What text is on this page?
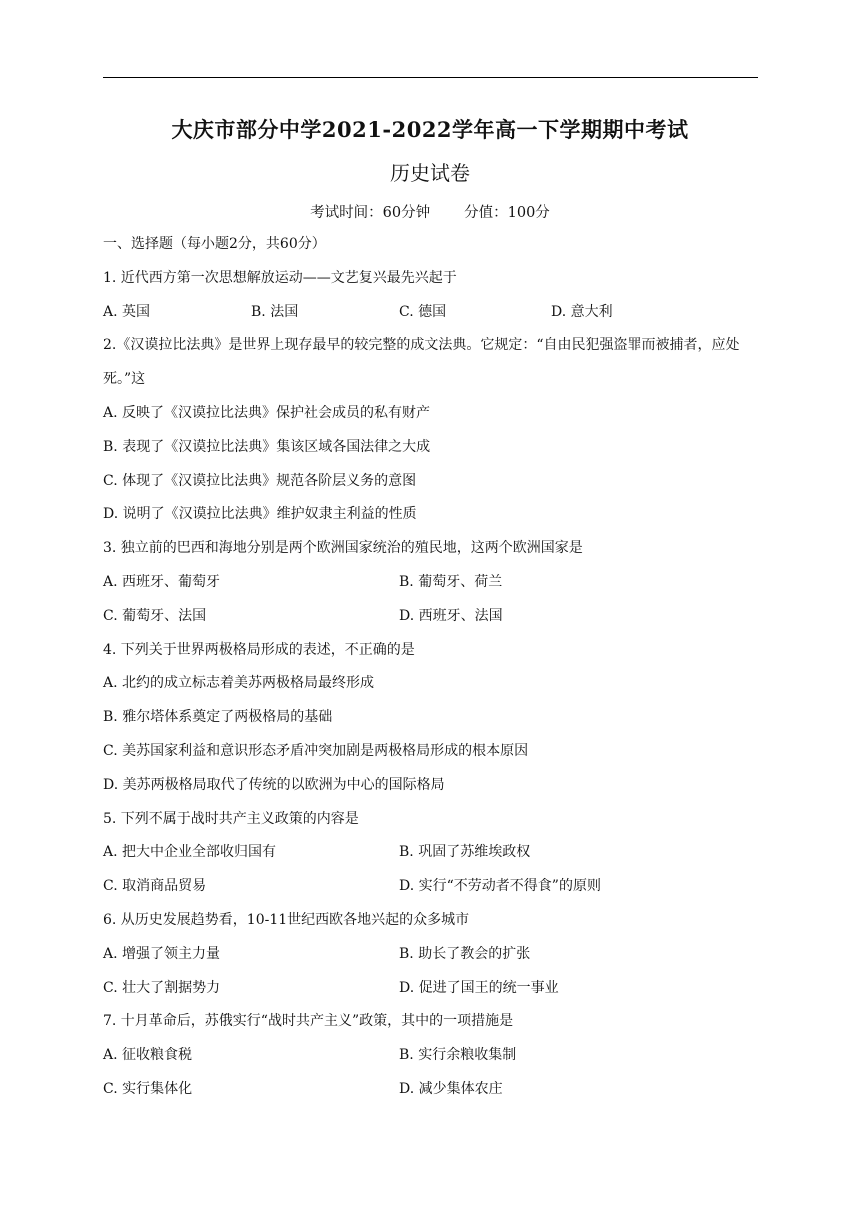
大庆市部分中学2021-2022学年高一下学期期中考试
历史试卷
考试时间：60分钟 分值：100分
一、选择题（每小题2分，共60分）
1. 近代西方第一次思想解放运动——文艺复兴最先兴起于
A. 英国	B. 法国	C. 德国	D. 意大利
2.《汉谟拉比法典》是世界上现存最早的较完整的成文法典。它规定：“自由民犯强盗罪而被捕者，应处死。”这
A. 反映了《汉谟拉比法典》保护社会成员的私有财产
B. 表现了《汉谟拉比法典》集该区域各国法律之大成
C. 体现了《汉谟拉比法典》规范各阶层义务的意图
D. 说明了《汉谟拉比法典》维护奴隶主利益的性质
3. 独立前的巴西和海地分别是两个欧洲国家统治的殖民地，这两个欧洲国家是
A. 西班牙、葡萄牙	B. 葡萄牙、荷兰
C. 葡萄牙、法国	D. 西班牙、法国
4. 下列关于世界两极格局形成的表述，不正确的是
A. 北约的成立标志着美苏两极格局最终形成
B. 雅尔塔体系奠定了两极格局的基础
C. 美苏国家利益和意识形态矛盾冲突加剧是两极格局形成的根本原因
D. 美苏两极格局取代了传统的以欧洲为中心的国际格局
5. 下列不属于战时共产主义政策的内容是
A. 把大中企业全部收归国有	B. 巩固了苏维埃政权
C. 取消商品贸易	D. 实行“不劳动者不得食”的原则
6. 从历史发展趋势看，10-11世纪西欧各地兴起的众多城市
A. 增强了领主力量	B. 助长了教会的扩张
C. 壮大了割据势力	D. 促进了国王的统一事业
7. 十月革命后，苏俄实行“战时共产主义”政策，其中的一项措施是
A. 征收粮食税	B. 实行余粮收集制
C. 实行集体化	D. 减少集体农庄
